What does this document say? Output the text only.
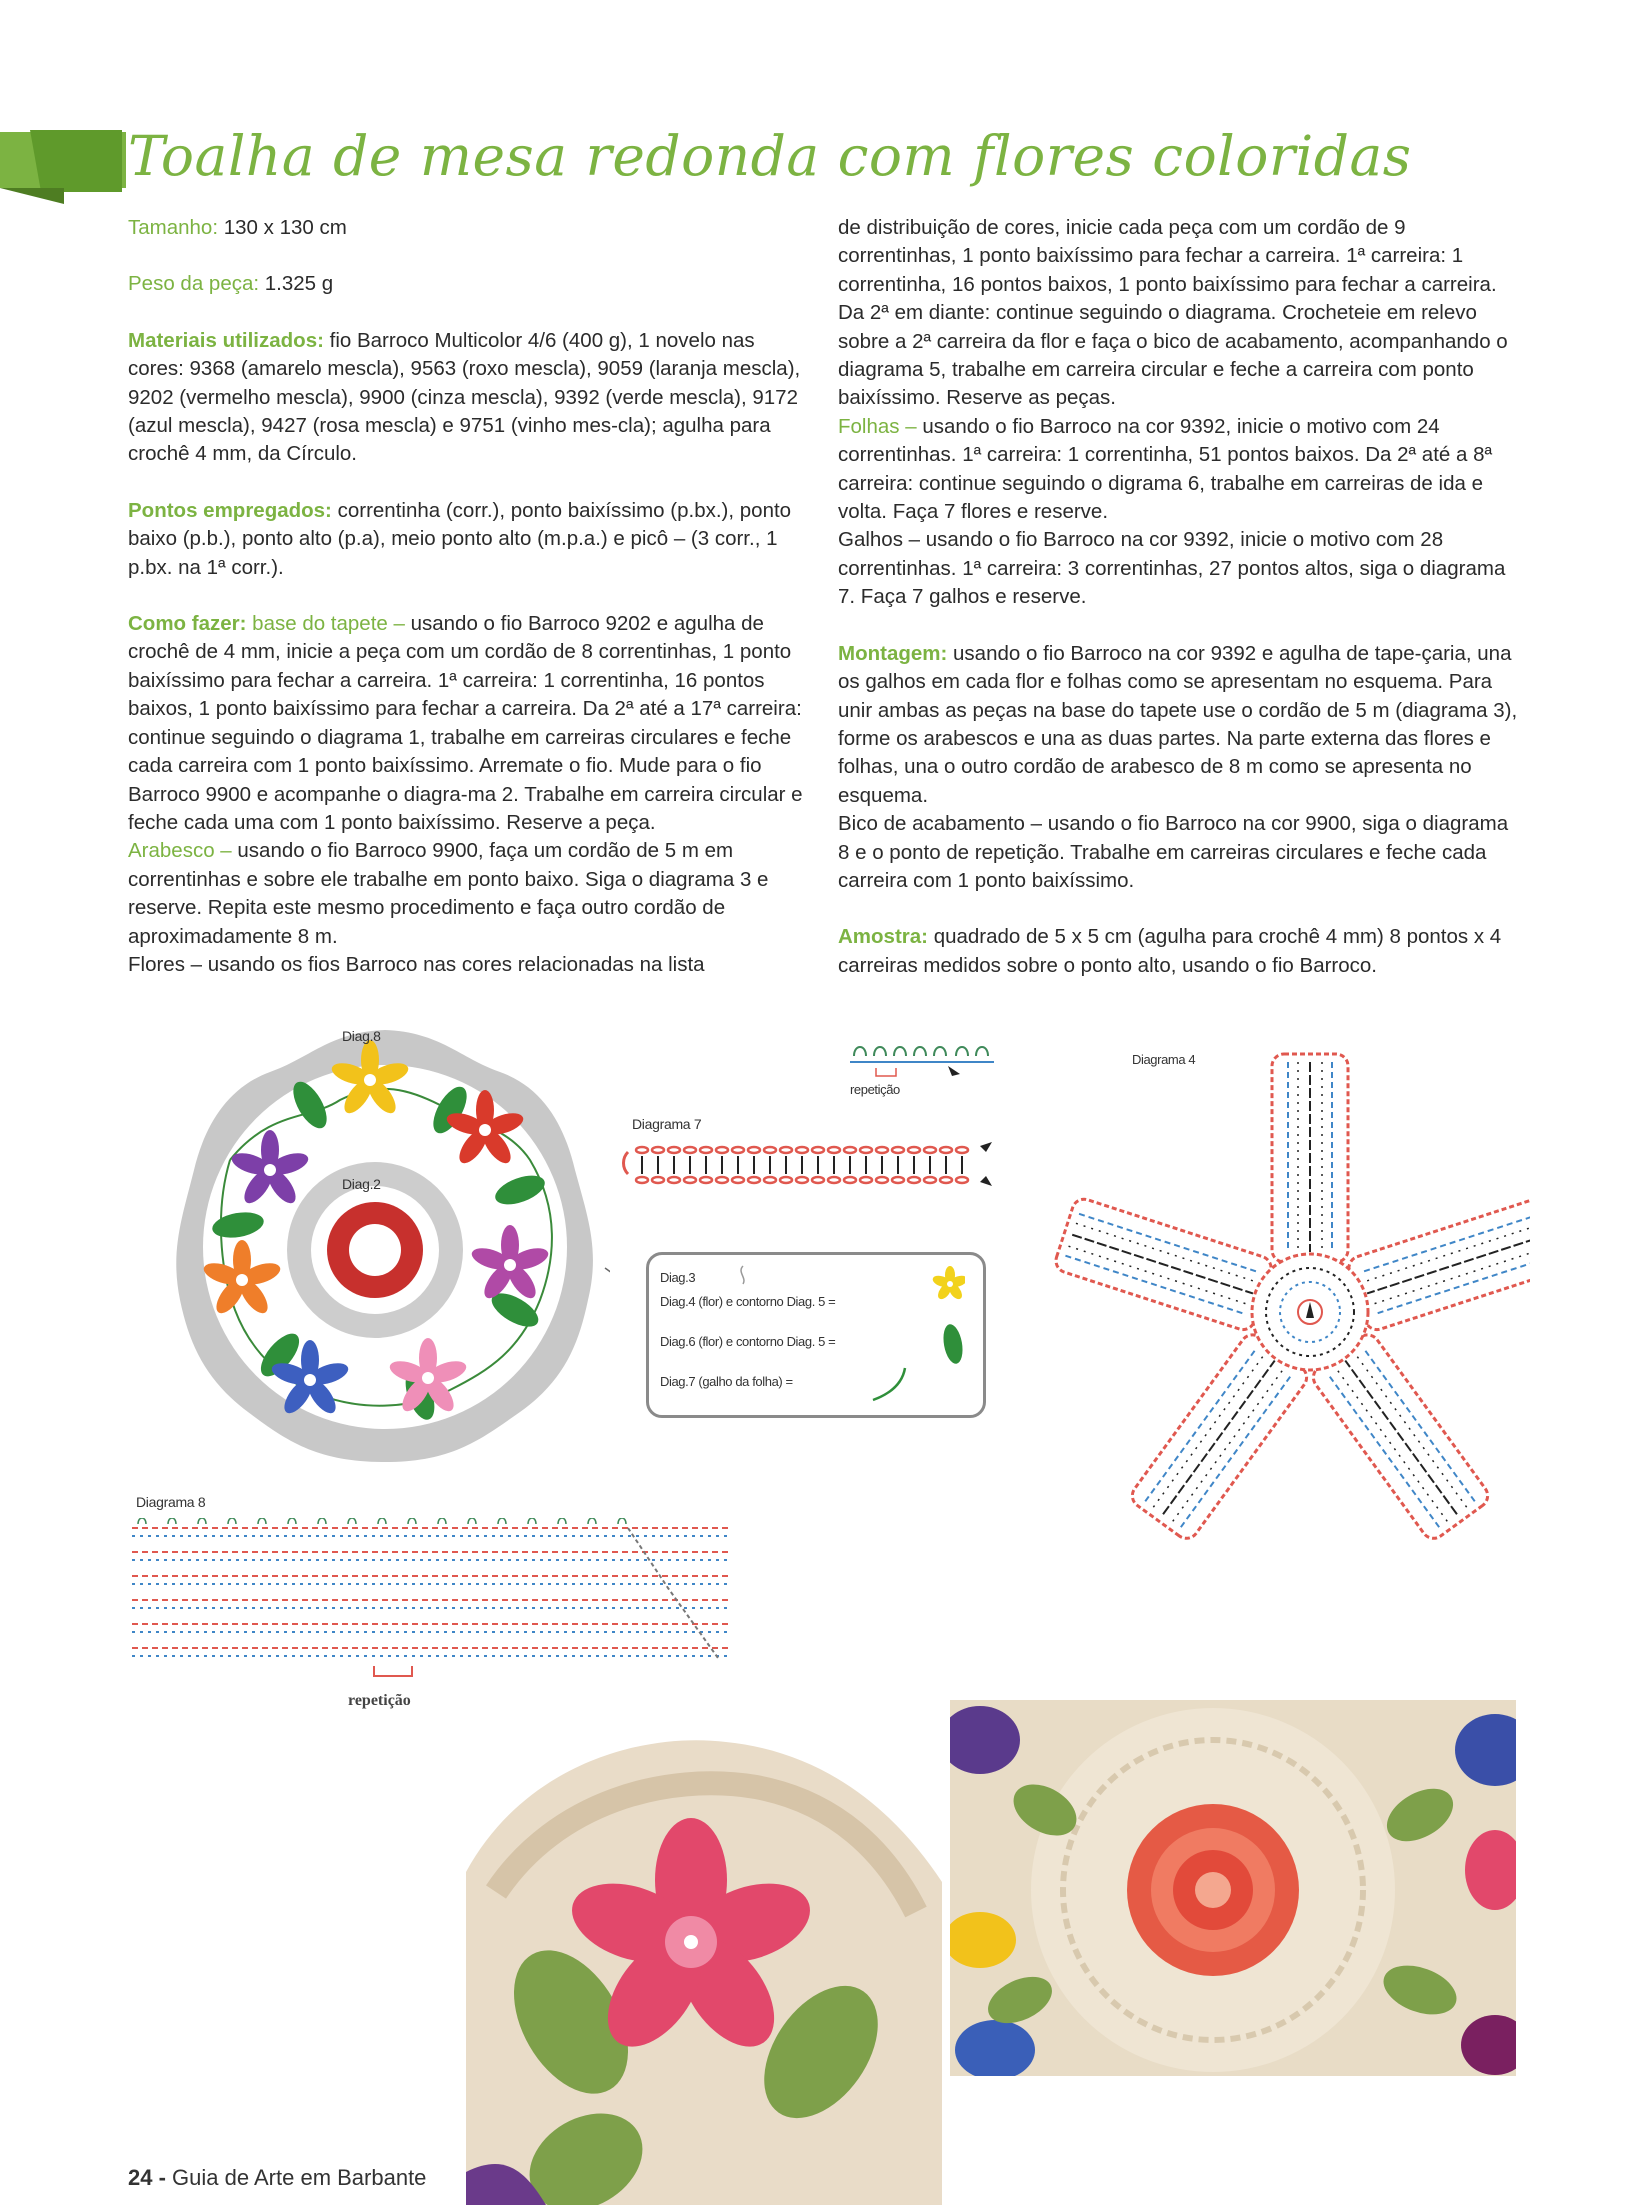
Toalha de mesa redonda com flores coloridas

Tamanho: 130 x 130 cm

Peso da peça: 1.325 g

Materiais utilizados: fio Barroco Multicolor 4/6 (400 g), 1 novelo nas cores: 9368 (amarelo mescla), 9563 (roxo mescla), 9059 (laranja mescla), 9202 (vermelho mescla), 9900 (cinza mescla), 9392 (verde mescla), 9172 (azul mescla), 9427 (rosa mescla) e 9751 (vinho mes-cla); agulha para crochê 4 mm, da Círculo.

Pontos empregados: correntinha (corr.), ponto baixíssimo (p.bx.), ponto baixo (p.b.), ponto alto (p.a), meio ponto alto (m.p.a.) e picô – (3 corr., 1 p.bx. na 1ª corr.).

Como fazer: base do tapete – usando o fio Barroco 9202 e agulha de crochê de 4 mm, inicie a peça com um cordão de 8 correntinhas, 1 ponto baixíssimo para fechar a carreira. 1ª carreira: 1 correntinha, 16 pontos baixos, 1 ponto baixíssimo para fechar a carreira. Da 2ª até a 17ª carreira: continue seguindo o diagrama 1, trabalhe em carreiras circulares e feche cada carreira com 1 ponto baixíssimo. Arremate o fio. Mude para o fio Barroco 9900 e acompanhe o diagra-ma 2. Trabalhe em carreira circular e feche cada uma com 1 ponto baixíssimo. Reserve a peça.

Arabesco – usando o fio Barroco 9900, faça um cordão de 5 m em correntinhas e sobre ele trabalhe em ponto baixo. Siga o diagrama 3 e reserve. Repita este mesmo procedimento e faça outro cordão de aproximadamente 8 m.

Flores – usando os fios Barroco nas cores relacionadas na lista

de distribuição de cores, inicie cada peça com um cordão de 9 correntinhas, 1 ponto baixíssimo para fechar a carreira. 1ª carreira: 1 correntinha, 16 pontos baixos, 1 ponto baixíssimo para fechar a carreira. Da 2ª em diante: continue seguindo o diagrama. Crocheteie em relevo sobre a 2ª carreira da flor e faça o bico de acabamento, acompanhando o diagrama 5, trabalhe em carreira circular e feche a carreira com ponto baixíssimo. Reserve as peças.

Folhas – usando o fio Barroco na cor 9392, inicie o motivo com 24 correntinhas. 1ª carreira: 1 correntinha, 51 pontos baixos. Da 2ª até a 8ª carreira: continue seguindo o digrama 6, trabalhe em carreiras de ida e volta. Faça 7 flores e reserve.

Galhos – usando o fio Barroco na cor 9392, inicie o motivo com 28 correntinhas. 1ª carreira: 3 correntinhas, 27 pontos altos, siga o diagrama 7. Faça 7 galhos e reserve.

Montagem: usando o fio Barroco na cor 9392 e agulha de tape-çaria, una os galhos em cada flor e folhas como se apresentam no esquema. Para unir ambas as peças na base do tapete use o cordão de 5 m (diagrama 3), forme os arabescos e una as duas partes. Na parte externa das flores e folhas, una o outro cordão de arabesco de 8 m como se apresenta no esquema.

Bico de acabamento – usando o fio Barroco na cor 9900, siga o diagrama 8 e o ponto de repetição. Trabalhe em carreiras circulares e feche cada carreira com 1 ponto baixíssimo.

Amostra: quadrado de 5 x 5 cm (agulha para crochê 4 mm) 8 pontos x 4 carreiras medidos sobre o ponto alto, usando o fio Barroco.

Diag.8
Diag.2
Diagrama 7
repetição
Diag.3
Diag.4 (flor) e contorno Diag. 5 =
Diag.6 (flor) e contorno Diag. 5 =
Diag.7 (galho da folha) =
Diagrama 4
Diagrama 8
repetição
24 - Guia de Arte em Barbante
